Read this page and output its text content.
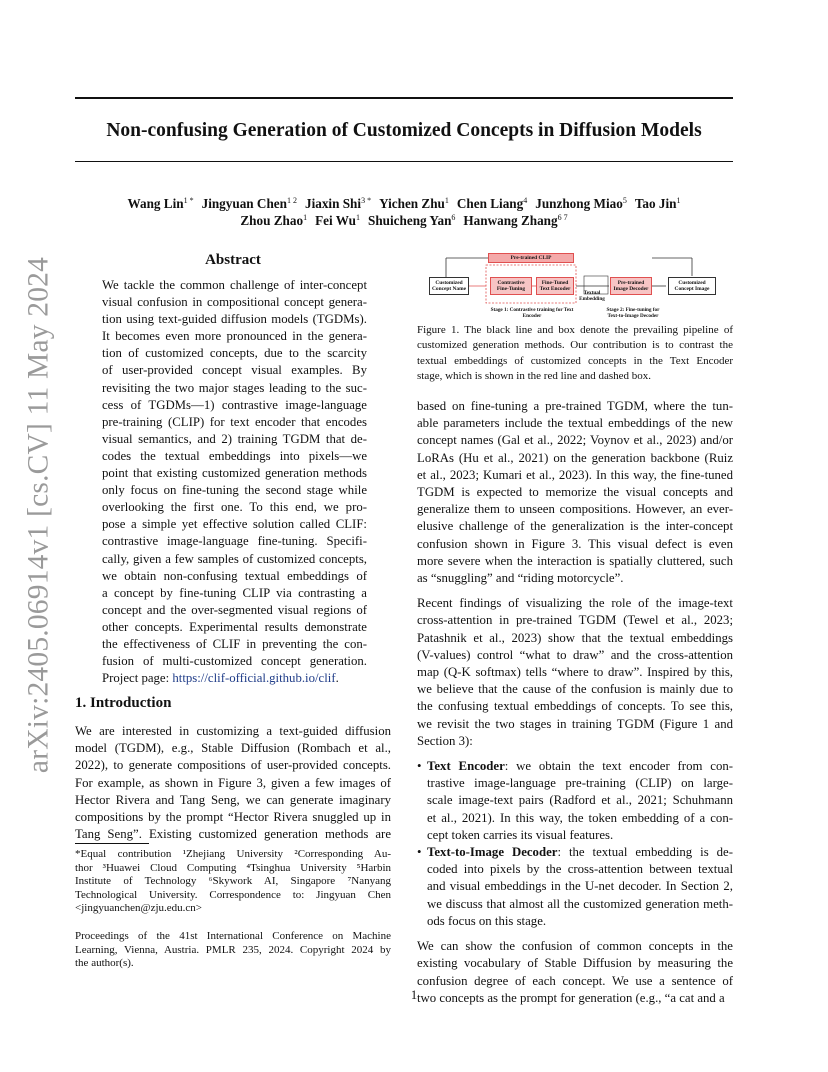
arXiv:2405.06914v1 [cs.CV] 11 May 2024
Non-confusing Generation of Customized Concepts in Diffusion Models
Wang Lin$^{1 *}$ Jingyuan Chen$^{1 2}$ Jiaxin Shi$^{3 *}$ Yichen Zhu$^1$ Chen Liang$^4$ Junzhong Miao$^5$ Tao Jin$^1$
Zhou Zhao$^1$ Fei Wu$^1$ Shuicheng Yan$^6$ Hanwang Zhang$^{6 7}$
Abstract
We tackle the common challenge of inter-concept
visual confusion in compositional concept genera-
tion using text-guided diffusion models (TGDMs).
It becomes even more pronounced in the genera-
tion of customized concepts, due to the scarcity
of user-provided concept visual examples. By
revisiting the two major stages leading to the suc-
cess of TGDMs—1) contrastive image-language
pre-training (CLIP) for text encoder that encodes
visual semantics, and 2) training TGDM that de-
codes the textual embeddings into pixels—we
point that existing customized generation methods
only focus on fine-tuning the second stage while
overlooking the first one. To this end, we pro-
pose a simple yet effective solution called CLIF:
contrastive image-language fine-tuning. Specifi-
cally, given a few samples of customized concepts,
we obtain non-confusing textual embeddings of
a concept by fine-tuning CLIP via contrasting a
concept and the over-segmented visual regions of
other concepts. Experimental results demonstrate
the effectiveness of CLIF in preventing the con-
fusion of multi-customized concept generation.
Project page: https://clif-official.github.io/clif.
1. Introduction
We are interested in customizing a text-guided diffusion
model (TGDM), e.g., Stable Diffusion (Rombach et al.,
2022), to generate compositions of user-provided concepts.
For example, as shown in Figure 3, given a few images of
Hector Rivera and Tang Seng, we can generate imaginary
compositions by the prompt “Hector Rivera snuggled up in
Tang Seng”. Existing customized generation methods are
*Equal contribution ¹Zhejiang University ²Corresponding Au-
thor ³Huawei Cloud Computing ⁴Tsinghua University ⁵Harbin
Institute of Technology ⁶Skywork AI, Singapore ⁷Nanyang
Technological University. Correspondence to: Jingyuan Chen
<jingyuanchen@zju.edu.cn>
Proceedings of the 41st International Conference on Machine
Learning, Vienna, Austria. PMLR 235, 2024. Copyright 2024 by
the author(s).
Pre-trained CLIP
Customized Concept Name
Contrastive Fine-Tuning
Fine-Tuned Text Encoder
Textual Embedding
Pre-trained Image Decoder
Customized Concept Image
Stage 1: Contrastive training for Text Encoder
Stage 2: Fine-tuning for Text-to-Image Decoder
Figure 1. The black line and box denote the prevailing pipeline of
customized generation methods. Our contribution is to contrast the
textual embeddings of customized concepts in the Text Encoder
stage, which is shown in the red line and dashed box.
based on fine-tuning a pre-trained TGDM, where the tun-
able parameters include the textual embeddings of the new
concept names (Gal et al., 2022; Voynov et al., 2023) and/or
LoRAs (Hu et al., 2021) on the generation backbone (Ruiz
et al., 2023; Kumari et al., 2023). In this way, the fine-tuned
TGDM is expected to memorize the visual concepts and
generalize them to unseen compositions. However, an ever-
elusive challenge of the generalization is the inter-concept
confusion shown in Figure 3. This visual defect is even
more severe when the interaction is spatially cluttered, such
as “snuggling” and “riding motorcycle”.
Recent findings of visualizing the role of the image-text
cross-attention in pre-trained TGDM (Tewel et al., 2023;
Patashnik et al., 2023) show that the textual embeddings
(V-values) control “what to draw” and the cross-attention
map (Q-K softmax) tells “where to draw”. Inspired by this,
we believe that the cause of the confusion is mainly due to
the confusing textual embeddings of concepts. To see this,
we revisit the two stages in training TGDM (Figure 1 and
Section 3):
• Text Encoder: we obtain the text encoder from con-
trastive image-language pre-training (CLIP) on large-
scale image-text pairs (Radford et al., 2021; Schuhmann
et al., 2021). In this way, the token embedding of a con-
cept token carries its visual features.
• Text-to-Image Decoder: the textual embedding is de-
coded into pixels by the cross-attention between textual
and visual embeddings in the U-net decoder. In Section 2,
we discuss that almost all the customized generation meth-
ods focus on this stage.
We can show the confusion of common concepts in the
existing vocabulary of Stable Diffusion by measuring the
confusion degree of each concept. We use a sentence of
two concepts as the prompt for generation (e.g., “a cat and a
1
